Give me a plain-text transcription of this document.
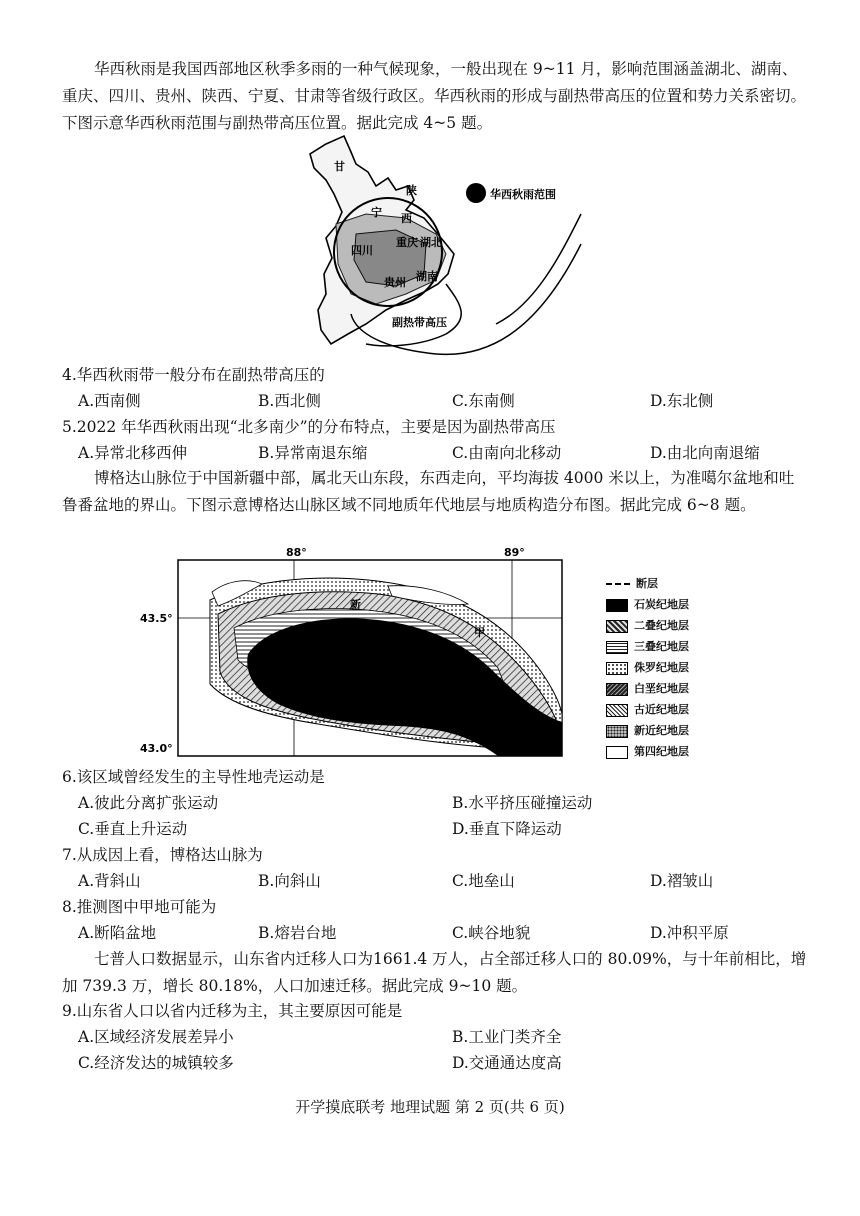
华西秋雨是我国西部地区秋季多雨的一种气候现象，一般出现在 9~11 月，影响范围涵盖湖北、湖南、重庆、四川、贵州、陕西、宁夏、甘肃等省级行政区。华西秋雨的形成与副热带高压的位置和势力关系密切。下图示意华西秋雨范围与副热带高压位置。据此完成 4~5 题。

华西秋雨范围
副热带高压
甘
陕
宁 西
四川
重庆 湖北
贵州 湖南
4.华西秋雨带一般分布在副热带高压的
A.西南侧	B.西北侧	C.东南侧	D.东北侧
5.2022 年华西秋雨出现“北多南少”的分布特点，主要是因为副热带高压
A.异常北移西伸	B.异常南退东缩	C.由南向北移动	D.由北向南退缩

博格达山脉位于中国新疆中部，属北天山东段，东西走向，平均海拔 4000 米以上，为准噶尔盆地和吐鲁番盆地的界山。下图示意博格达山脉区域不同地质年代地层与地质构造分布图。据此完成 6~8 题。

88°	89°
43.5°
43.0°
新
甲
断层
石炭纪地层
二叠纪地层
三叠纪地层
侏罗纪地层
白垩纪地层
古近纪地层
新近纪地层
第四纪地层
6.该区域曾经发生的主导性地壳运动是
A.彼此分离扩张运动	B.水平挤压碰撞运动
C.垂直上升运动	D.垂直下降运动
7.从成因上看，博格达山脉为
A.背斜山	B.向斜山	C.地垒山	D.褶皱山
8.推测图中甲地可能为
A.断陷盆地	B.熔岩台地	C.峡谷地貌	D.冲积平原

七普人口数据显示，山东省内迁移人口为1661.4 万人，占全部迁移人口的 80.09%，与十年前相比，增加 739.3 万，增长 80.18%，人口加速迁移。据此完成 9~10 题。

9.山东省人口以省内迁移为主，其主要原因可能是
A.区域经济发展差异小	B.工业门类齐全
C.经济发达的城镇较多	D.交通通达度高
开学摸底联考 地理试题 第 2 页(共 6 页)
